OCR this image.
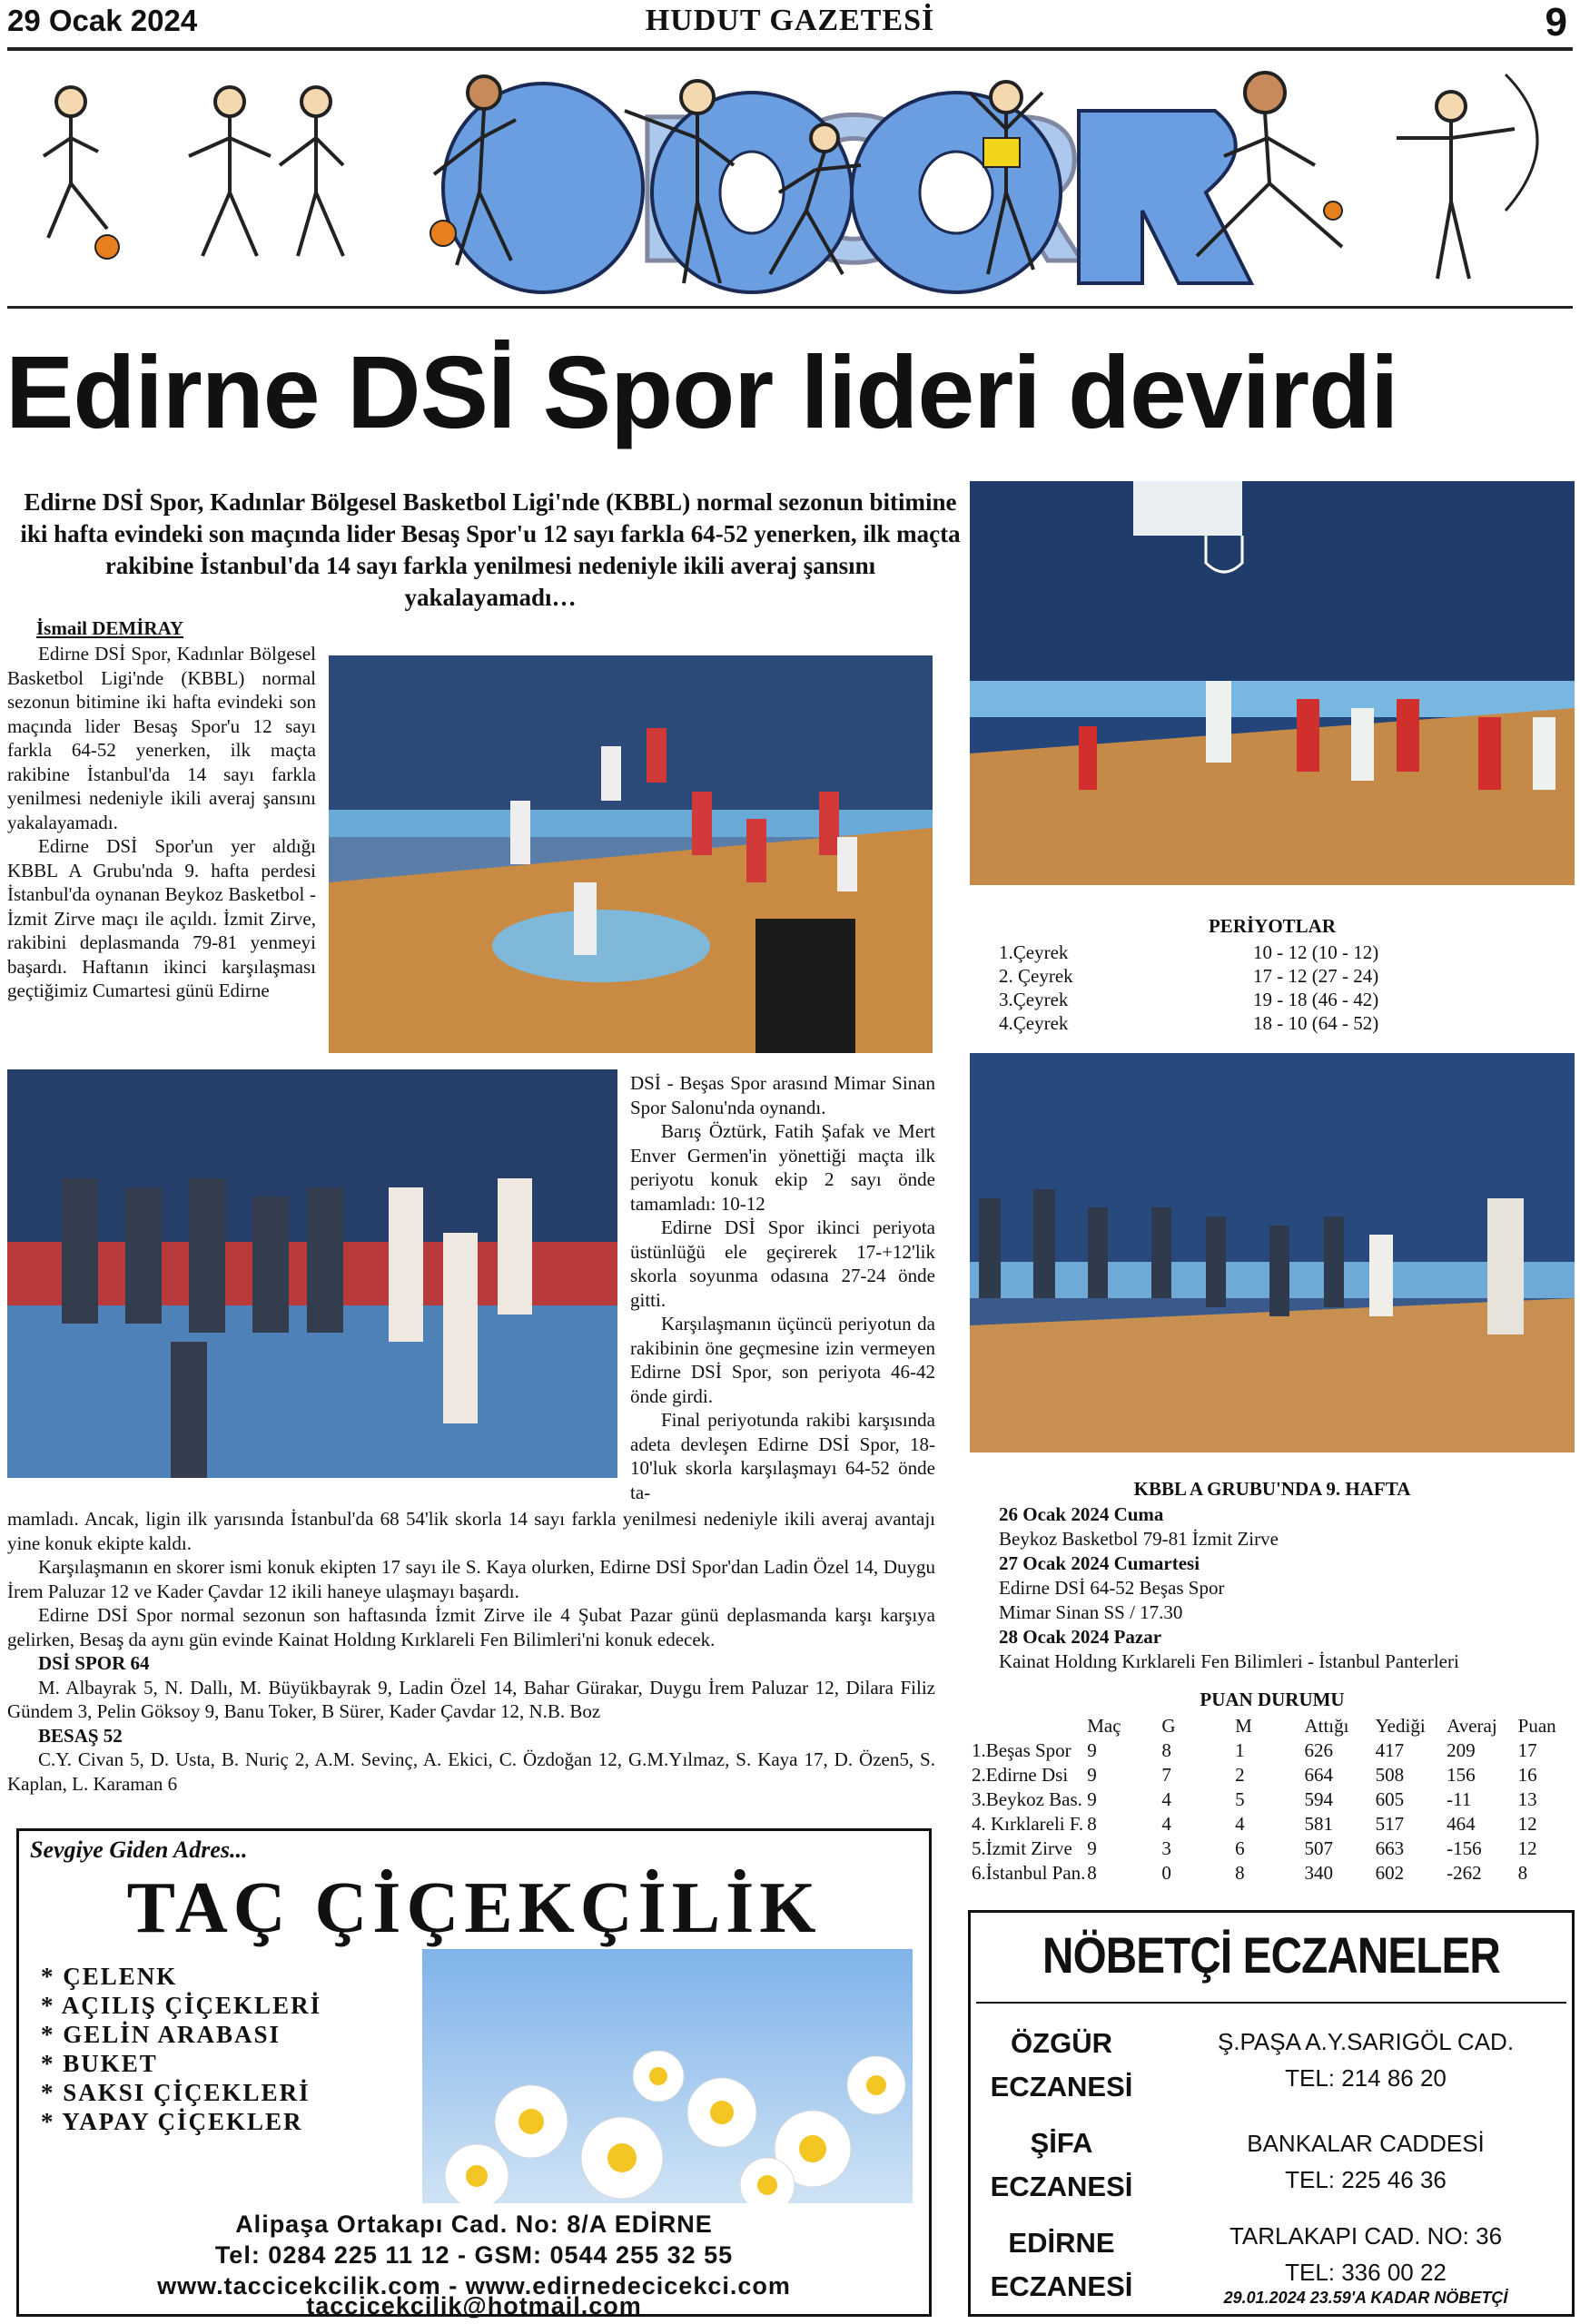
29 Ocak 2024	HUDUT GAZETESİ	9
Edirne DSİ Spor lideri devirdi
Edirne DSİ Spor, Kadınlar Bölgesel Basketbol Ligi'nde (KBBL) normal sezonun bitimine iki hafta evindeki son maçında lider Besaş Spor'u 12 sayı farkla 64-52 yenerken, ilk maçta rakibine İstanbul'da 14 sayı farkla yenilmesi nedeniyle ikili averaj şansını yakalayamadı…
İsmail DEMİRAY

Edirne DSİ Spor, Kadınlar Bölgesel Basketbol Ligi'nde (KBBL) normal sezonun bitimine iki hafta evindeki son maçında lider Besaş Spor'u 12 sayı farkla 64-52 yenerken, ilk maçta rakibine İstanbul'da 14 sayı farkla yenilmesi nedeniyle ikili averaj şansını yakalayamadı.

Edirne DSİ Spor'un yer aldığı KBBL A Grubu'nda 9. hafta perdesi İstanbul'da oynanan Beykoz Basketbol - İzmit Zirve maçı ile açıldı. İzmit Zirve, rakibini deplasmanda 79-81 yenmeyi başardı. Haftanın ikinci karşılaşması geçtiğimiz Cumartesi günü Edirne

DSİ - Beşas Spor arasınd Mimar Sinan Spor Salonu'nda oynandı.

Barış Öztürk, Fatih Şafak ve Mert Enver Germen'in yönettiği maçta ilk periyotu konuk ekip 2 sayı önde tamamladı: 10-12

Edirne DSİ Spor ikinci periyota üstünlüğü ele geçirerek 17-+12'lik skorla soyunma odasına 27-24 önde gitti.

Karşılaşmanın üçüncü periyotun da rakibinin öne geçmesine izin vermeyen Edirne DSİ Spor, son periyota 46-42 önde girdi.

Final periyotunda rakibi karşısında adeta devleşen Edirne DSİ Spor, 18-10'luk skorla karşılaşmayı 64-52 önde ta-

mamladı. Ancak, ligin ilk yarısında İstanbul'da 68 54'lik skorla 14 sayı farkla yenilmesi nedeniyle ikili averaj avantajı yine konuk ekipte kaldı.

Karşılaşmanın en skorer ismi konuk ekipten 17 sayı ile S. Kaya olurken, Edirne DSİ Spor'dan Ladin Özel 14, Duygu İrem Paluzar 12 ve Kader Çavdar 12 ikili haneye ulaşmayı başardı.

Edirne DSİ Spor normal sezonun son haftasında İzmit Zirve ile 4 Şubat Pazar günü deplasmanda karşı karşıya gelirken, Besaş da aynı gün evinde Kainat Holdıng Kırklareli Fen Bilimleri'ni konuk edecek.

DSİ SPOR 64

M. Albayrak 5, N. Dallı, M. Büyükbayrak 9, Ladin Özel 14, Bahar Gürakar, Duygu İrem Paluzar 12, Dilara Filiz Gündem 3, Pelin Göksoy 9, Banu Toker, B Sürer, Kader Çavdar 12, N.B. Boz

BESAŞ 52

C.Y. Civan 5, D. Usta, B. Nuriç 2, A.M. Sevinç, A. Ekici, C. Özdoğan 12, G.M.Yılmaz, S. Kaya 17, D. Özen5, S. Kaplan, L. Karaman 6

PERİYOTLAR
1.Çeyrek	10 - 12 (10 - 12)
2. Çeyrek	17 - 12 (27 - 24)
3.Çeyrek	19 - 18 (46 - 42)
4.Çeyrek	18 - 10 (64 - 52)
KBBL A GRUBU'NDA 9. HAFTA

26 Ocak 2024 Cuma

Beykoz Basketbol 79-81 İzmit Zirve

27 Ocak 2024 Cumartesi

Edirne DSİ 64-52 Beşas Spor

Mimar Sinan SS / 17.30

28 Ocak 2024 Pazar

Kainat Holdıng Kırklareli Fen Bilimleri - İstanbul Panterleri

PUAN DURUMU
	Maç	G	M	Attığı	Yediği	Averaj	Puan
1.Beşas Spor	9	8	1	626	417	209	17
2.Edirne Dsi	9	7	2	664	508	156	16
3.Beykoz Bas.	9	4	5	594	605	-11	13
4. Kırklareli F.	8	4	4	581	517	464	12
5.İzmit Zirve	9	3	6	507	663	-156	12
6.İstanbul Pan.	8	0	8	340	602	-262	8
Sevgiye Giden Adres...
TAÇ ÇİÇEKÇİLİK
* ÇELENK
* AÇILIŞ ÇİÇEKLERİ
* GELİN ARABASI
* BUKET
* SAKSI ÇİÇEKLERİ
* YAPAY ÇİÇEKLER
Alipaşa Ortakapı Cad. No: 8/A EDİRNE
Tel: 0284 225 11 12 - GSM: 0544 255 32 55
www.taccicekcilik.com - www.edirnedecicekci.com
taccicekcilik@hotmail.com
NÖBETÇİ ECZANELER
ÖZGÜR
ECZANESİ
Ş.PAŞA A.Y.SARIGÖL CAD.
TEL: 214 86 20
ŞİFA
ECZANESİ
BANKALAR CADDESİ
TEL: 225 46 36
EDİRNE
ECZANESİ
TARLAKAPI CAD. NO: 36
TEL: 336 00 22
29.01.2024 23.59'A KADAR NÖBETÇİ
